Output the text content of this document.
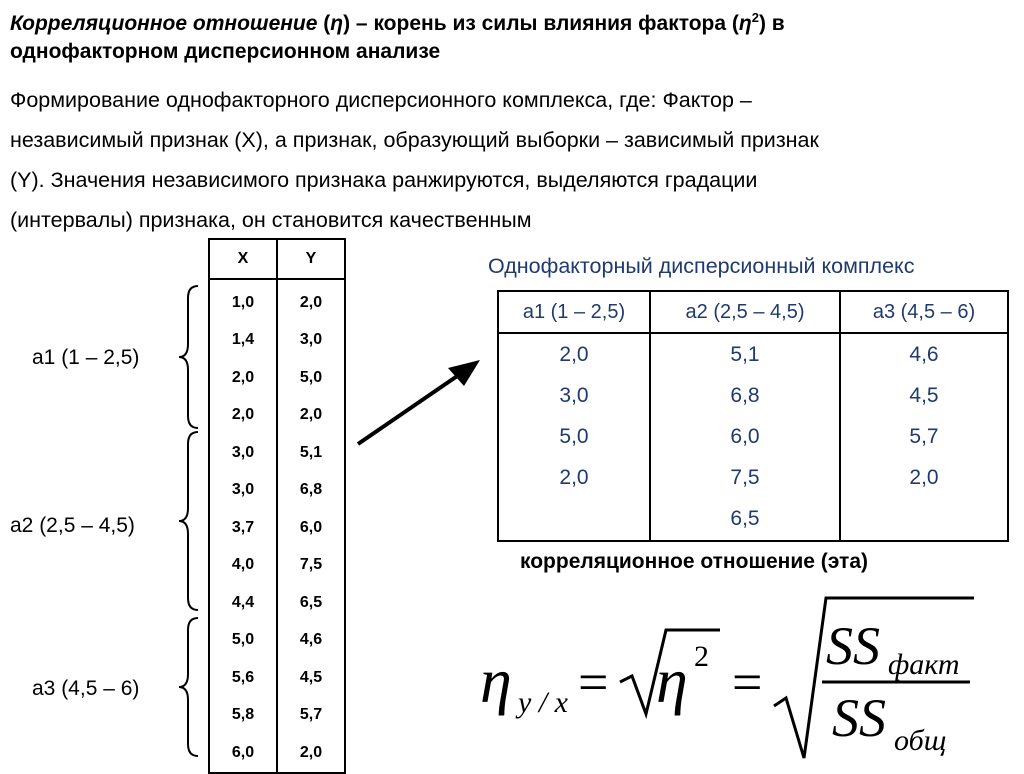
Корреляционное отношение (η) – корень из силы влияния фактора $(\eta^2)$ в
однофакторном дисперсионном анализе
Формирование однофакторного дисперсионного комплекса, где: Фактор –
независимый признак (X), а признак, образующий выборки – зависимый признак
(Y). Значения независимого признака ранжируются, выделяются градации
(интервалы) признака, он становится качественным
X	Y
1,0	2,0
1,4	3,0
2,0	5,0
2,0	2,0
3,0	5,1
3,0	6,8
3,7	6,0
4,0	7,5
4,4	6,5
5,0	4,6
5,6	4,5
5,8	5,7
6,0	2,0
а1 (1 – 2,5)
а2 (2,5 – 4,5)
а3 (4,5 – 6)
Однофакторный дисперсионный комплекс
а1 (1 – 2,5)	а2 (2,5 – 4,5)	а3 (4,5 – 6)
2,0	5,1	4,6
3,0	6,8	4,5
5,0	6,0	5,7
2,0	7,5	2,0
	6,5	
корреляционное отношение (эта)
η y / x = η 2 =
SS факт
SS общ
